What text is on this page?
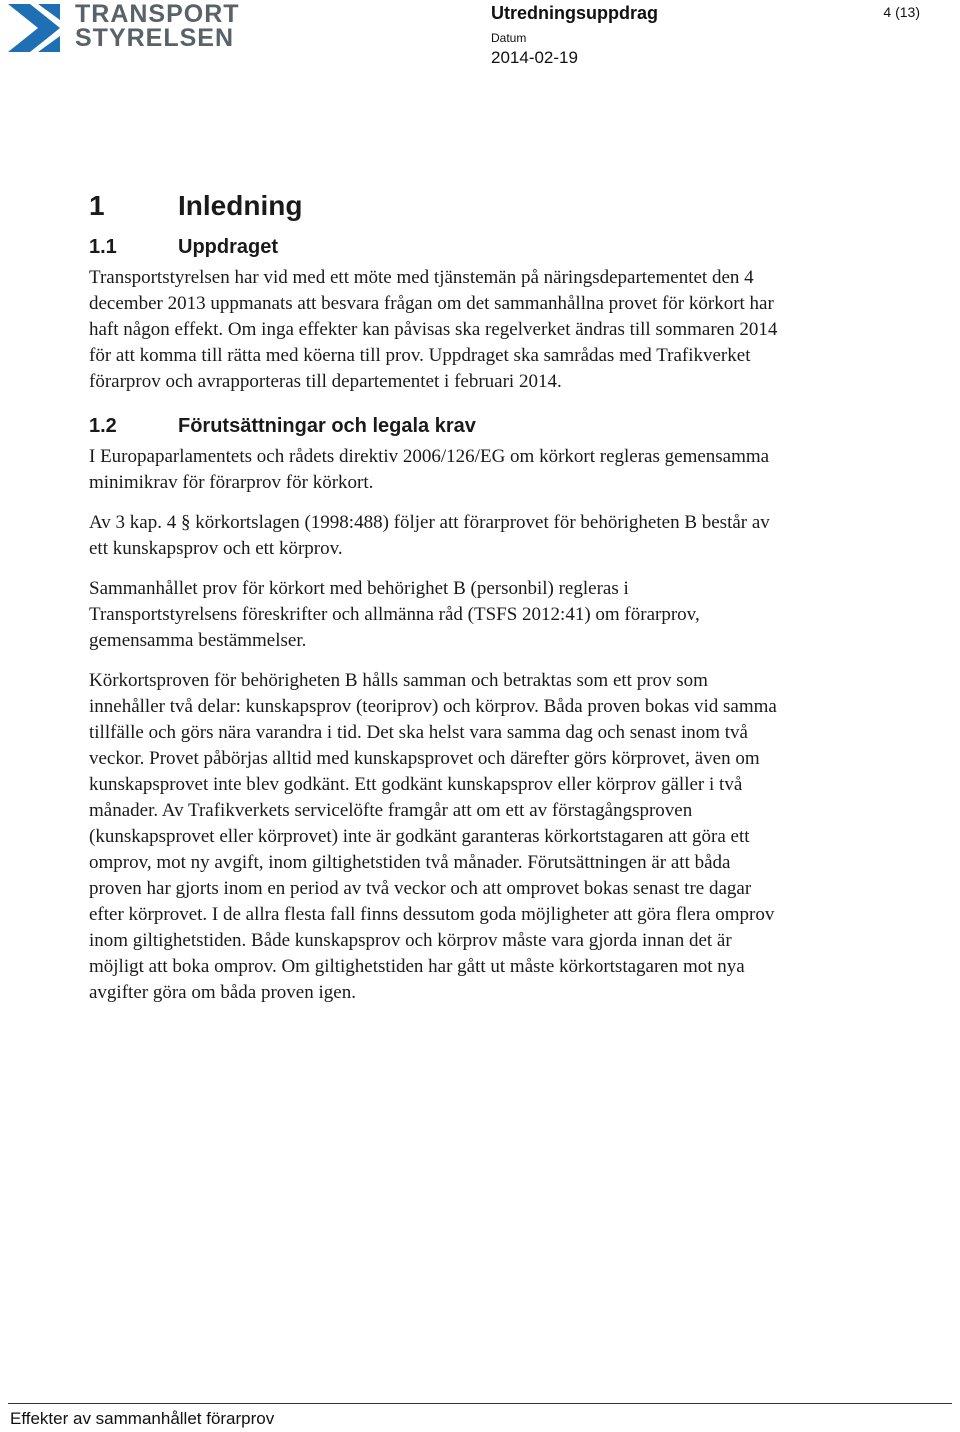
TRANSPORT
STYRELSEN
Utredningsuppdrag	4 (13)
Datum
2014-02-19
1	Inledning
1.1	Uppdraget

Transportstyrelsen har vid med ett möte med tjänstemän på näringsdepartementet den 4 december 2013 uppmanats att besvara frågan om det sammanhållna provet för körkort har haft någon effekt. Om inga effekter kan påvisas ska regelverket ändras till sommaren 2014 för att komma till rätta med köerna till prov. Uppdraget ska samrådas med Trafikverket förarprov och avrapporteras till departementet i februari 2014.

1.2	Förutsättningar och legala krav

I Europaparlamentets och rådets direktiv 2006/126/EG om körkort regleras gemensamma minimikrav för förarprov för körkort.

Av 3 kap. 4 § körkortslagen (1998:488) följer att förarprovet för behörigheten B består av ett kunskapsprov och ett körprov.

Sammanhållet prov för körkort med behörighet B (personbil) regleras i Transportstyrelsens föreskrifter och allmänna råd (TSFS 2012:41) om förarprov, gemensamma bestämmelser.

Körkortsproven för behörigheten B hålls samman och betraktas som ett prov som innehåller två delar: kunskapsprov (teoriprov) och körprov. Båda proven bokas vid samma tillfälle och görs nära varandra i tid. Det ska helst vara samma dag och senast inom två veckor. Provet påbörjas alltid med kunskapsprovet och därefter görs körprovet, även om kunskapsprovet inte blev godkänt. Ett godkänt kunskapsprov eller körprov gäller i två månader. Av Trafikverkets servicelöfte framgår att om ett av förstagångsproven (kunskapsprovet eller körprovet) inte är godkänt garanteras körkortstagaren att göra ett omprov, mot ny avgift, inom giltighetstiden två månader. Förutsättningen är att båda proven har gjorts inom en period av två veckor och att omprovet bokas senast tre dagar efter körprovet. I de allra flesta fall finns dessutom goda möjligheter att göra flera omprov inom giltighetstiden. Både kunskapsprov och körprov måste vara gjorda innan det är möjligt att boka omprov. Om giltighetstiden har gått ut måste körkortstagaren mot nya avgifter göra om båda proven igen.

Effekter av sammanhållet förarprov
